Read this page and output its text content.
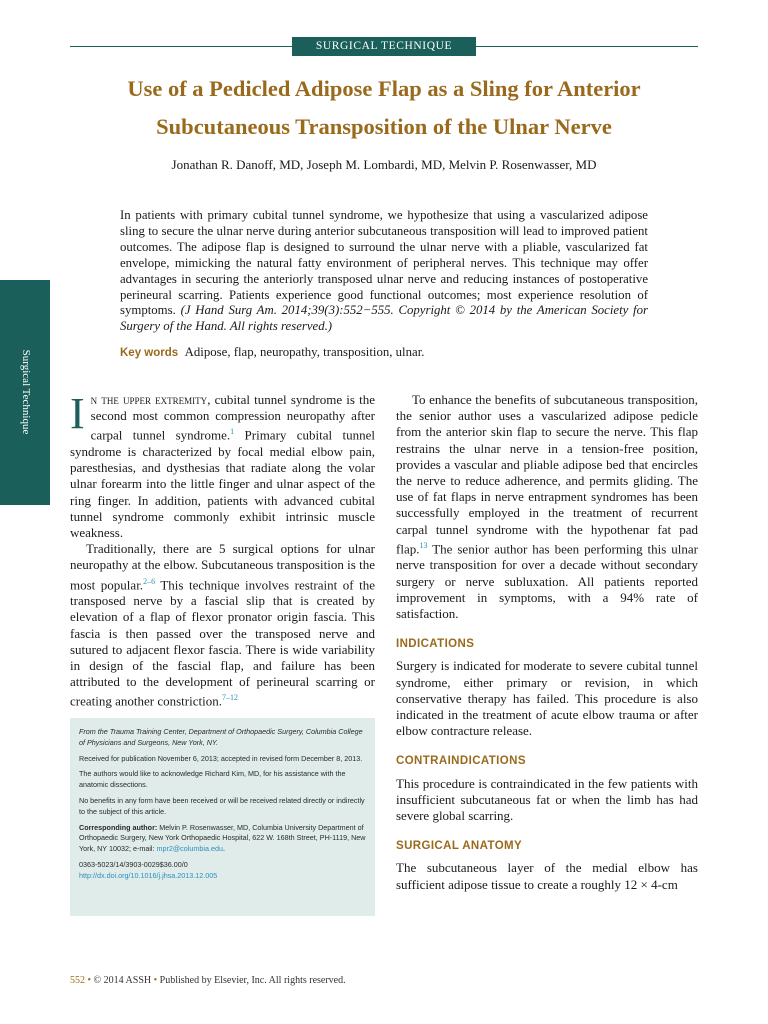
SURGICAL TECHNIQUE
Use of a Pedicled Adipose Flap as a Sling for Anterior
Subcutaneous Transposition of the Ulnar Nerve
Jonathan R. Danoff, MD, Joseph M. Lombardi, MD, Melvin P. Rosenwasser, MD
In patients with primary cubital tunnel syndrome, we hypothesize that using a vascularized adipose sling to secure the ulnar nerve during anterior subcutaneous transposition will lead to improved patient outcomes. The adipose flap is designed to surround the ulnar nerve with a pliable, vascularized fat envelope, mimicking the natural fatty environment of peripheral nerves. This technique may offer advantages in securing the anteriorly transposed ulnar nerve and reducing instances of postoperative perineural scarring. Patients experience good functional outcomes; most experience resolution of symptoms. (J Hand Surg Am. 2014;39(3):552−555. Copyright © 2014 by the American Society for Surgery of the Hand. All rights reserved.)
Key words Adipose, flap, neuropathy, transposition, ulnar.
Surgical Technique In the upper extremity, cubital tunnel syndrome is the second most common compression neuropathy after carpal tunnel syndrome.$^1$ Primary cubital tunnel syndrome is characterized by focal medial elbow pain, paresthesias, and dysthesias that radiate along the volar ulnar forearm into the little finger and ulnar aspect of the ring finger. In addition, patients with advanced cubital tunnel syndrome commonly exhibit intrinsic muscle weakness.

Traditionally, there are 5 surgical options for ulnar neuropathy at the elbow. Subcutaneous transposition is the most popular.$^{2-6}$ This technique involves restraint of the transposed nerve by a fascial slip that is created by elevation of a flap of flexor pronator origin fascia. This fascia is then passed over the transposed nerve and sutured to adjacent flexor fascia. There is wide variability in design of the fascial flap, and failure has been attributed to the development of perineural scarring or creating another constriction.$^{7-12}$

From the Trauma Training Center, Department of Orthopaedic Surgery, Columbia College of Physicians and Surgeons, New York, NY.

Received for publication November 6, 2013; accepted in revised form December 8, 2013.

The authors would like to acknowledge Richard Kim, MD, for his assistance with the anatomic dissections.

No benefits in any form have been received or will be received related directly or indirectly to the subject of this article.

Corresponding author: Melvin P. Rosenwasser, MD, Columbia University Department of Orthopaedic Surgery, New York Orthopaedic Hospital, 622 W. 168th Street, PH-1119, New York, NY 10032; e-mail: mpr2@columbia.edu.

0363-5023/14/3903-0029$36.00/0
http://dx.doi.org/10.1016/j.jhsa.2013.12.005

To enhance the benefits of subcutaneous transposition, the senior author uses a vascularized adipose pedicle from the anterior skin flap to secure the nerve. This flap restrains the ulnar nerve in a tension-free position, provides a vascular and pliable adipose bed that encircles the nerve to reduce adherence, and permits gliding. The use of fat flaps in nerve entrapment syndromes has been successfully employed in the treatment of recurrent carpal tunnel syndrome with the hypothenar fat pad flap.$^{13}$ The senior author has been performing this ulnar nerve transposition for over a decade without secondary surgery or nerve subluxation. All patients reported improvement in symptoms, with a 94% rate of satisfaction.

INDICATIONS

Surgery is indicated for moderate to severe cubital tunnel syndrome, either primary or revision, in which conservative therapy has failed. This procedure is also indicated in the treatment of acute elbow trauma or after elbow contracture release.

CONTRAINDICATIONS

This procedure is contraindicated in the few patients with insufficient subcutaneous fat or when the limb has had severe global scarring.

SURGICAL ANATOMY

The subcutaneous layer of the medial elbow has sufficient adipose tissue to create a roughly 12 × 4-cm

552 • © 2014 ASSH • Published by Elsevier, Inc. All rights reserved.
